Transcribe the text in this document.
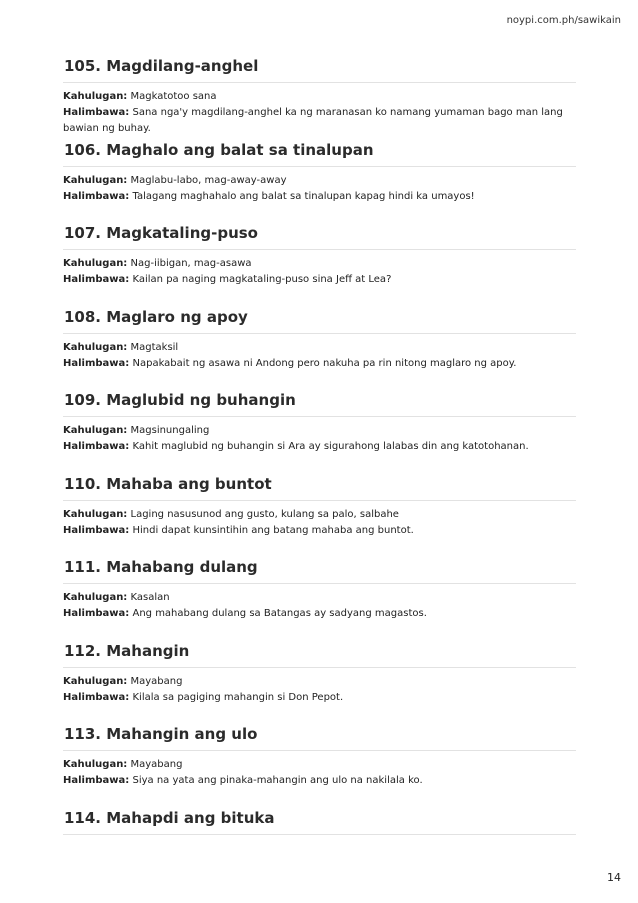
noypi.com.ph/sawikain
105. Magdilang-anghel
Kahulugan: Magkatotoo sana
Halimbawa: Sana nga'y magdilang-anghel ka ng maranasan ko namang yumaman bago man lang bawian ng buhay.
106. Maghalo ang balat sa tinalupan
Kahulugan: Maglabu-labo, mag-away-away
Halimbawa: Talagang maghahalo ang balat sa tinalupan kapag hindi ka umayos!
107. Magkataling-puso
Kahulugan: Nag-iibigan, mag-asawa
Halimbawa: Kailan pa naging magkataling-puso sina Jeff at Lea?
108. Maglaro ng apoy
Kahulugan: Magtaksil
Halimbawa: Napakabait ng asawa ni Andong pero nakuha pa rin nitong maglaro ng apoy.
109. Maglubid ng buhangin
Kahulugan: Magsinungaling
Halimbawa: Kahit maglubid ng buhangin si Ara ay sigurahong lalabas din ang katotohanan.
110. Mahaba ang buntot
Kahulugan: Laging nasusunod ang gusto, kulang sa palo, salbahe
Halimbawa: Hindi dapat kunsintihin ang batang mahaba ang buntot.
111. Mahabang dulang
Kahulugan: Kasalan
Halimbawa: Ang mahabang dulang sa Batangas ay sadyang magastos.
112. Mahangin
Kahulugan: Mayabang
Halimbawa: Kilala sa pagiging mahangin si Don Pepot.
113. Mahangin ang ulo
Kahulugan: Mayabang
Halimbawa: Siya na yata ang pinaka-mahangin ang ulo na nakilala ko.
114. Mahapdi ang bituka
14
